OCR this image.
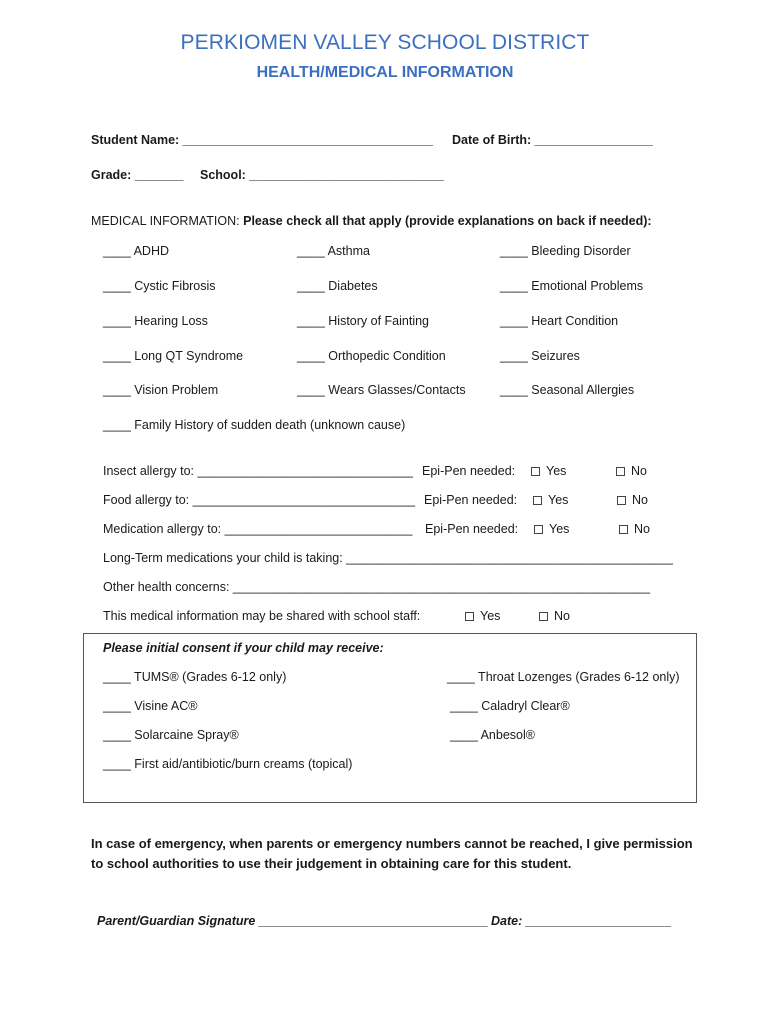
PERKIOMEN VALLEY SCHOOL DISTRICT
HEALTH/MEDICAL INFORMATION
Student Name: ____________________________________ Date of Birth: _________________
Grade: _______ School: ____________________________
MEDICAL INFORMATION: Please check all that apply (provide explanations on back if needed):
____ ADHD	____ Asthma	____ Bleeding Disorder
____ Cystic Fibrosis	____ Diabetes	____ Emotional Problems
____ Hearing Loss	____ History of Fainting	____ Heart Condition
____ Long QT Syndrome	____ Orthopedic Condition	____ Seizures
____ Vision Problem	____ Wears Glasses/Contacts	____ Seasonal Allergies
____ Family History of sudden death (unknown cause)
Insect allergy to: _______________________________ Epi-Pen needed:	Yes	No
Food allergy to: ________________________________ Epi-Pen needed:	Yes	No
Medication allergy to: ___________________________ Epi-Pen needed:	Yes	No
Long-Term medications your child is taking: _______________________________________________
Other health concerns: ____________________________________________________________
This medical information may be shared with school staff:	Yes	No
Please initial consent if your child may receive:
____ TUMS® (Grades 6-12 only)	____ Throat Lozenges (Grades 6-12 only)
____ Visine AC®	____ Caladryl Clear®
____ Solarcaine Spray®	____ Anbesol®
____ First aid/antibiotic/burn creams (topical)
In case of emergency, when parents or emergency numbers cannot be reached, I give permission
to school authorities to use their judgement in obtaining care for this student.
Parent/Guardian Signature _________________________________ Date: _____________________
